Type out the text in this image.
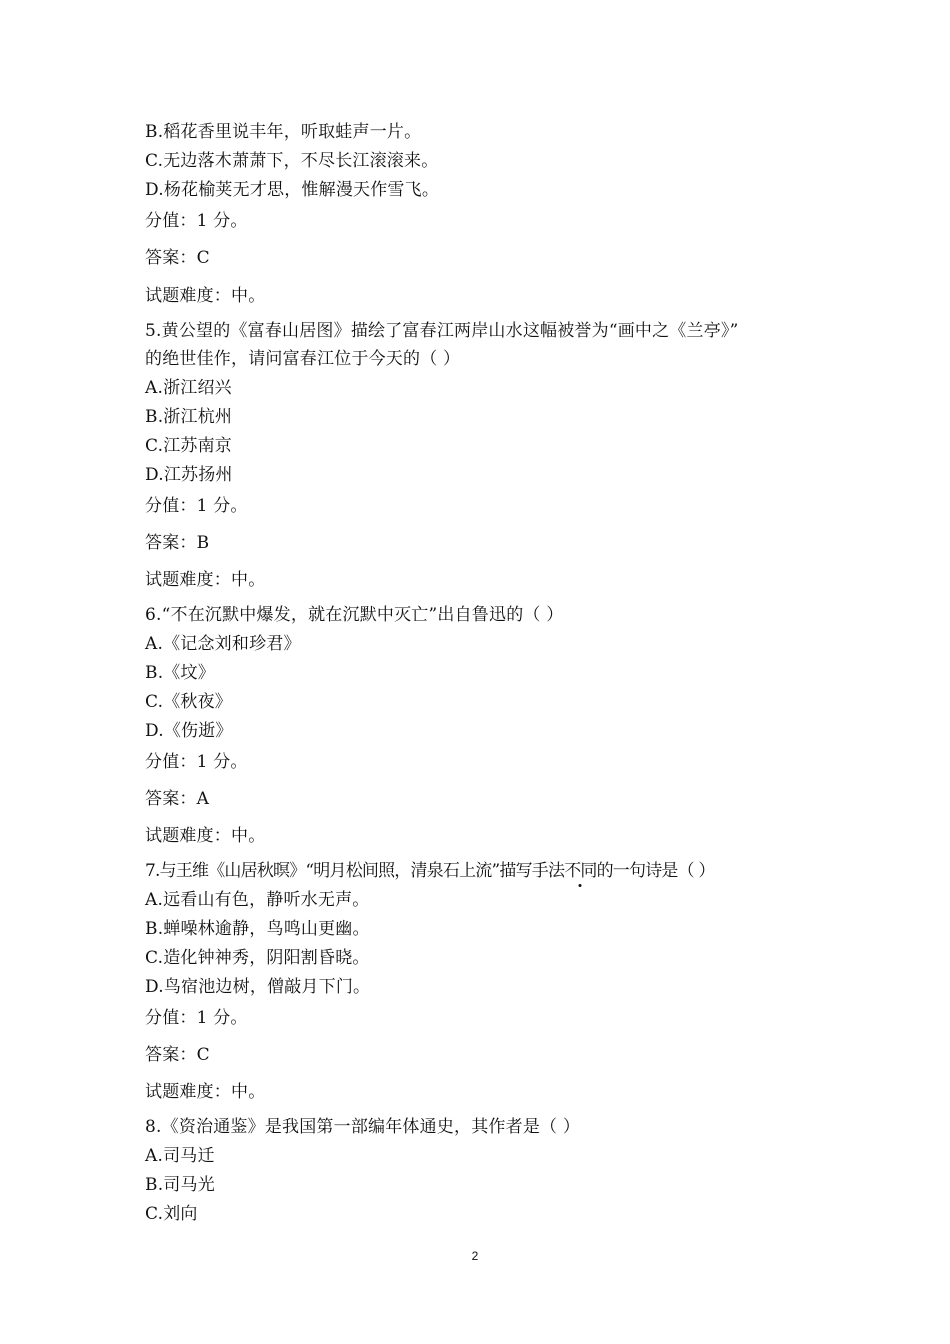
B.稻花香里说丰年，听取蛙声一片。
C.无边落木萧萧下，不尽长江滚滚来。
D.杨花榆荚无才思，惟解漫天作雪飞。
分值：1 分。
答案：C
试题难度：中。
5.黄公望的《富春山居图》描绘了富春江两岸山水这幅被誉为“画中之《兰亭》”
的绝世佳作，请问富春江位于今天的（ ）
A.浙江绍兴
B.浙江杭州
C.江苏南京
D.江苏扬州
分值：1 分。
答案：B
试题难度：中。
6.“不在沉默中爆发，就在沉默中灭亡”出自鲁迅的（ ）
A.《记念刘和珍君》
B.《坟》
C.《秋夜》
D.《伤逝》
分值：1 分。
答案：A
试题难度：中。
7.与王维《山居秋暝》“明月松间照，清泉石上流”描写手法不同的一句诗是（ ）
A.远看山有色，静听水无声。
B.蝉噪林逾静，鸟鸣山更幽。
C.造化钟神秀，阴阳割昏晓。
D.鸟宿池边树，僧敲月下门。
分值：1 分。
答案：C
试题难度：中。
8.《资治通鉴》是我国第一部编年体通史，其作者是（ ）
A.司马迁
B.司马光
C.刘向
2
